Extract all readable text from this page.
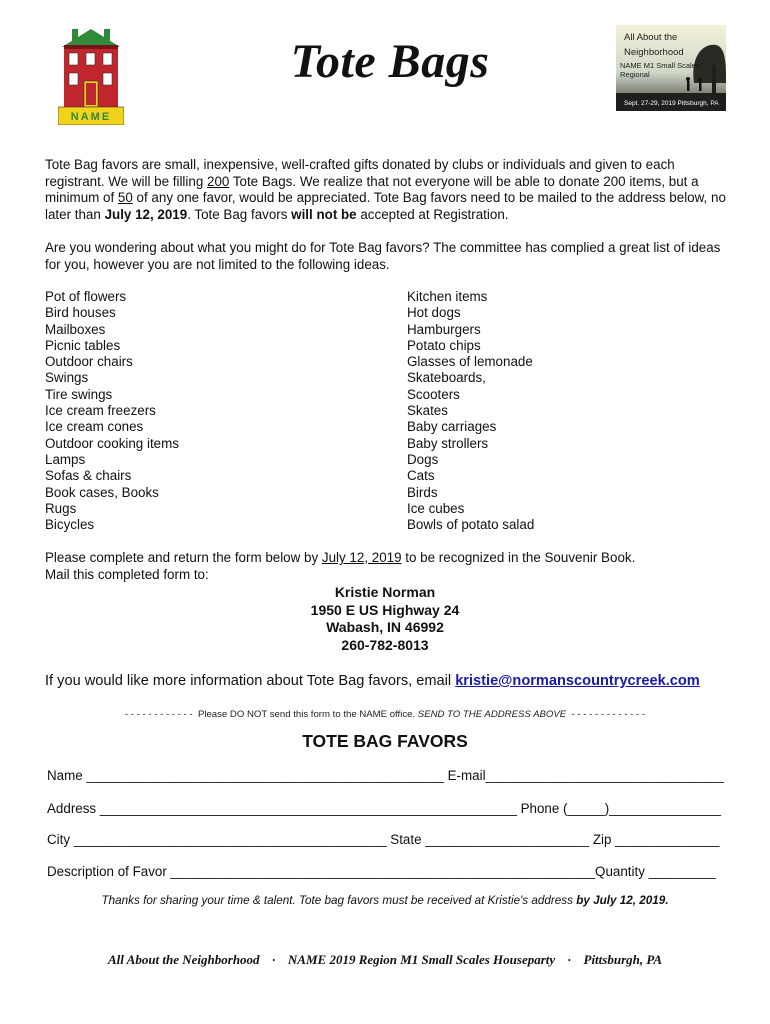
NAME
Tote Bags	All About the
Neighborhood
NAME M1 Small Scales Regional
Sept. 27-29, 2019 Pittsburgh, PA
Tote Bag favors are small, inexpensive, well-crafted gifts donated by clubs or individuals and given to each registrant. We will be filling 200 Tote Bags. We realize that not everyone will be able to donate 200 items, but a minimum of 50 of any one favor, would be appreciated. Tote Bag favors need to be mailed to the address below, no later than July 12, 2019. Tote Bag favors will not be accepted at Registration.
Are you wondering about what you might do for Tote Bag favors? The committee has complied a great list of ideas for you, however you are not limited to the following ideas.
Pot of flowers
Bird houses
Mailboxes
Picnic tables
Outdoor chairs
Swings
Tire swings
Ice cream freezers
Ice cream cones
Outdoor cooking items
Lamps
Sofas & chairs
Book cases, Books
Rugs
Bicycles
Kitchen items
Hot dogs
Hamburgers
Potato chips
Glasses of lemonade
Skateboards,
Scooters
Skates
Baby carriages
Baby strollers
Dogs
Cats
Birds
Ice cubes
Bowls of potato salad
Please complete and return the form below by July 12, 2019 to be recognized in the Souvenir Book.
Mail this completed form to:
Kristie Norman
1950 E US Highway 24
Wabash, IN 46992
260-782-8013
If you would like more information about Tote Bag favors, email kristie@normanscountrycreek.com
- - - - - - - - - - - - Please DO NOT send this form to the NAME office. SEND TO THE ADDRESS ABOVE - - - - - - - - - - - - -
TOTE BAG FAVORS
Name ________________________________________________ E-mail________________________________
Address ________________________________________________________ Phone (_____)_______________
City __________________________________________ State ______________________ Zip ______________
Description of Favor _________________________________________________________Quantity _________
Thanks for sharing your time & talent. Tote bag favors must be received at Kristie's address by July 12, 2019.
All About the Neighborhood · NAME 2019 Region M1 Small Scales Houseparty · Pittsburgh, PA
